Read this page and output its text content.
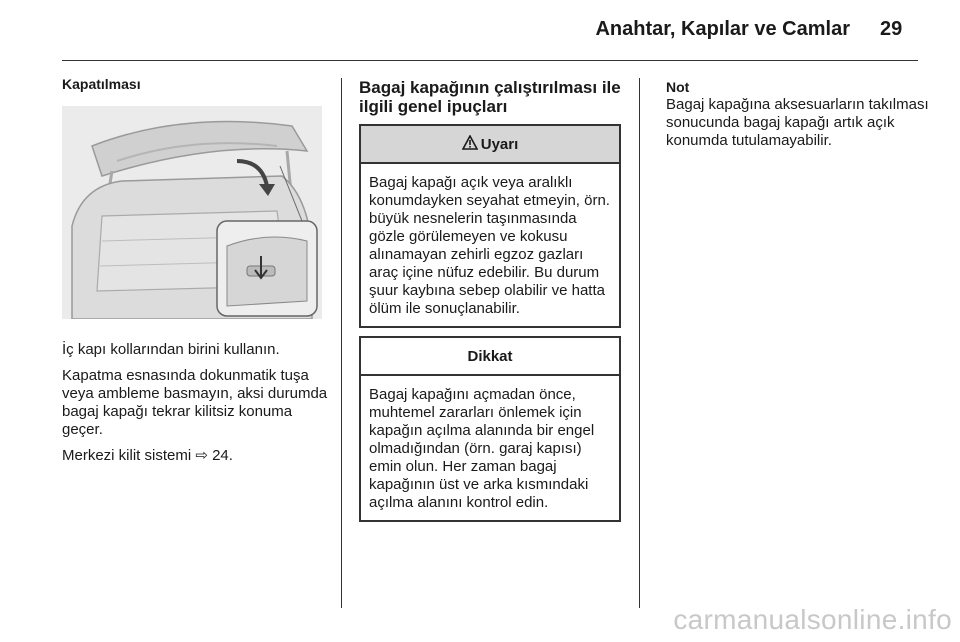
Anahtar, Kapılar ve Camlar 29
Kapatılması
İç kapı kollarından birini kullanın.
Kapatma esnasında dokunmatik tuşa veya ambleme basmayın, aksi durumda bagaj kapağı tekrar kilitsiz konuma geçer.
Merkezi kilit sistemi ⇨ 24.
Bagaj kapağının çalıştırılması ile ilgili genel ipuçları
Uyarı
Bagaj kapağı açık veya aralıklı konumdayken seyahat etmeyin, örn. büyük nesnelerin taşınmasında gözle görülemeyen ve kokusu alınamayan zehirli egzoz gazları araç içine nüfuz edebilir. Bu durum şuur kaybına sebep olabilir ve hatta ölüm ile sonuçlanabilir.
Dikkat
Bagaj kapağını açmadan önce, muhtemel zararları önlemek için kapağın açılma alanında bir engel olmadığından (örn. garaj kapısı) emin olun. Her zaman bagaj kapağının üst ve arka kısmındaki açılma alanını kontrol edin.
Not
Bagaj kapağına aksesuarların takılması sonucunda bagaj kapağı artık açık konumda tutulamayabilir.
carmanualsonline.info
